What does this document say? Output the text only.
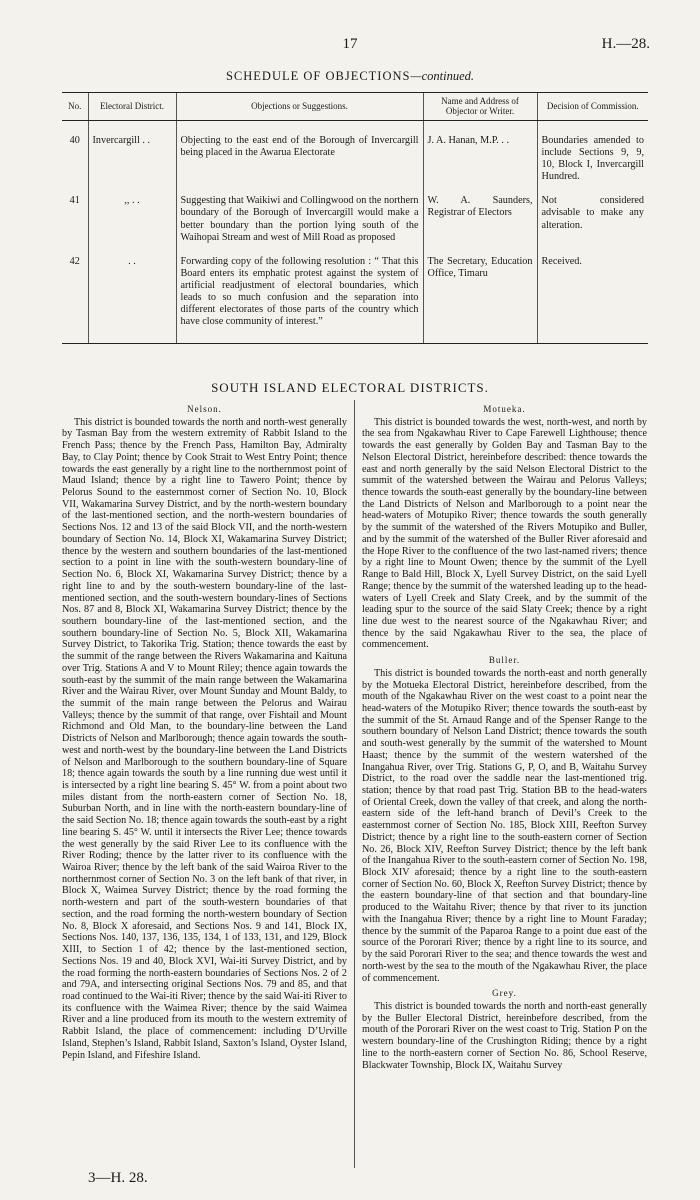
17	H.—28.
SCHEDULE OF OBJECTIONS—continued.
No.	Electoral District.	Objections or Suggestions.	Name and Address of Objector or Writer.	Decision of Commission.
40	Invercargill . .	Objecting to the east end of the Borough of Invercargill being placed in the Awarua Electorate	J. A. Hanan, M.P. . .	Boundaries amended to include Sections 9, 9, 10, Block I, Invercargill Hundred.
41	,, . .	Suggesting that Waikiwi and Collingwood on the northern boundary of the Borough of Invercargill would make a better boundary than the portion lying south of the Waihopai Stream and west of Mill Road as proposed	W. A. Saunders, Registrar of Electors	Not considered advisable to make any alteration.
42	. .	Forwarding copy of the following resolution : “ That this Board enters its emphatic protest against the system of artificial readjustment of electoral boundaries, which leads to so much confusion and the separation into different electorates of those parts of the country which have close community of interest.”	The Secretary, Education Office, Timaru	Received.

SOUTH ISLAND ELECTORAL DISTRICTS.
Nelson.

This district is bounded towards the north and north-west generally by Tasman Bay from the western extremity of Rabbit Island to the French Pass; thence by the French Pass, Hamilton Bay, Admiralty Bay, to Clay Point; thence by Cook Strait to West Entry Point; thence towards the east generally by a right line to the northernmost point of Maud Island; thence by a right line to Tawero Point; thence by Pelorus Sound to the easternmost corner of Section No. 10, Block VII, Wakamarina Survey District, and by the north-western boundary of the last-mentioned section, and the north-western boundaries of Sections Nos. 12 and 13 of the said Block VII, and the north-western boundary of Section No. 14, Block XI, Wakamarina Survey District; thence by the western and southern boundaries of the last-mentioned section to a point in line with the south-western boundary-line of Section No. 6, Block XI, Wakamarina Survey District; thence by a right line to and by the south-western boundary-line of the last-mentioned section, and the south-western boundary-lines of Sections Nos. 87 and 8, Block XI, Wakamarina Survey District; thence by the southern boundary-line of the last-mentioned section, and the southern boundary-line of Section No. 5, Block XII, Wakamarina Survey District, to Takorika Trig. Station; thence towards the east by the summit of the range between the Rivers Wakamarina and Kaituna over Trig. Stations A and V to Mount Riley; thence again towards the south-east by the summit of the main range between the Wakamarina River and the Wairau River, over Mount Sunday and Mount Baldy, to the summit of the main range between the Pelorus and Wairau Valleys; thence by the summit of that range, over Fishtail and Mount Richmond and Old Man, to the boundary-line between the Land Districts of Nelson and Marlborough; thence again towards the south-west and north-west by the boundary-line between the Land Districts of Nelson and Marlborough to the southern boundary-line of Square 18; thence again towards the south by a line running due west until it is intersected by a right line bearing S. 45° W. from a point about two miles distant from the north-eastern corner of Section No. 18, Suburban North, and in line with the north-eastern boundary-line of the said Section No. 18; thence again towards the south-east by a right line bearing S. 45° W. until it intersects the River Lee; thence towards the west generally by the said River Lee to its confluence with the River Roding; thence by the latter river to its confluence with the Wairoa River; thence by the left bank of the said Wairoa River to the northernmost corner of Section No. 3 on the left bank of that river, in Block X, Waimea Survey District; thence by the road forming the north-western and part of the south-western boundaries of that section, and the road forming the north-western boundary of Section No. 8, Block X aforesaid, and Sections Nos. 9 and 141, Block IX, Sections Nos. 140, 137, 136, 135, 134, 1 of 133, 131, and 129, Block XIII, to Section 1 of 42; thence by the last-mentioned section, Sections Nos. 19 and 40, Block XVI, Wai-iti Survey District, and by the road forming the north-eastern boundaries of Sections Nos. 2 of 2 and 79A, and intersecting original Sections Nos. 79 and 85, and that road continued to the Wai-iti River; thence by the said Wai-iti River to its confluence with the Waimea River; thence by the said Waimea River and a line produced from its mouth to the western extremity of Rabbit Island, the place of commencement: including D’Urville Island, Stephen’s Island, Rabbit Island, Saxton’s Island, Oyster Island, Pepin Island, and Fifeshire Island.

Motueka.

This district is bounded towards the west, north-west, and north by the sea from Ngakawhau River to Cape Farewell Lighthouse; thence towards the east generally by Golden Bay and Tasman Bay to the Nelson Electoral District, hereinbefore described: thence towards the east and north generally by the said Nelson Electoral District to the summit of the watershed between the Wairau and Pelorus Valleys; thence towards the south-east generally by the boundary-line between the Land Districts of Nelson and Marlborough to a point near the head-waters of Motupiko River; thence towards the south generally by the summit of the watershed of the Rivers Motupiko and Buller, and by the summit of the watershed of the Buller River aforesaid and the Hope River to the confluence of the two last-named rivers; thence by a right line to Mount Owen; thence by the summit of the Lyell Range to Bald Hill, Block X, Lyell Survey District, on the said Lyell Range; thence by the summit of the watershed leading up to the head-waters of Lyell Creek and Slaty Creek, and by the summit of the leading spur to the source of the said Slaty Creek; thence by a right line due west to the nearest source of the Ngakawhau River; and thence by the said Ngakawhau River to the sea, the place of commencement.

Buller.

This district is bounded towards the north-east and north generally by the Motueka Electoral District, hereinbefore described, from the mouth of the Ngakawhau River on the west coast to a point near the head-waters of the Motupiko River; thence towards the south-east by the summit of the St. Arnaud Range and of the Spenser Range to the southern boundary of Nelson Land District; thence towards the south and south-west generally by the summit of the watershed to Mount Haast; thence by the summit of the western watershed of the Inangahua River, over Trig. Stations G, P, O, and B, Waitahu Survey District, to the road over the saddle near the last-mentioned trig. station; thence by that road past Trig. Station BB to the head-waters of Oriental Creek, down the valley of that creek, and along the north-eastern side of the left-hand branch of Devil’s Creek to the easternmost corner of Section No. 185, Block XIII, Reefton Survey District; thence by a right line to the south-eastern corner of Section No. 26, Block XIV, Reefton Survey District; thence by the left bank of the Inangahua River to the south-eastern corner of Section No. 198, Block XIV aforesaid; thence by a right line to the south-eastern corner of Section No. 60, Block X, Reefton Survey District; thence by the eastern boundary-line of that section and that boundary-line produced to the Waitahu River; thence by that river to its junction with the Inangahua River; thence by a right line to Mount Faraday; thence by the summit of the Paparoa Range to a point due east of the source of the Pororari River; thence by a right line to its source, and by the said Pororari River to the sea; and thence towards the west and north-west by the sea to the mouth of the Ngakawhau River, the place of commencement.

Grey.

This district is bounded towards the north and north-east generally by the Buller Electoral District, hereinbefore described, from the mouth of the Pororari River on the west coast to Trig. Station P on the western boundary-line of the Crushington Riding; thence by a right line to the north-eastern corner of Section No. 86, School Reserve, Blackwater Township, Block IX, Waitahu Survey

3—H. 28.
